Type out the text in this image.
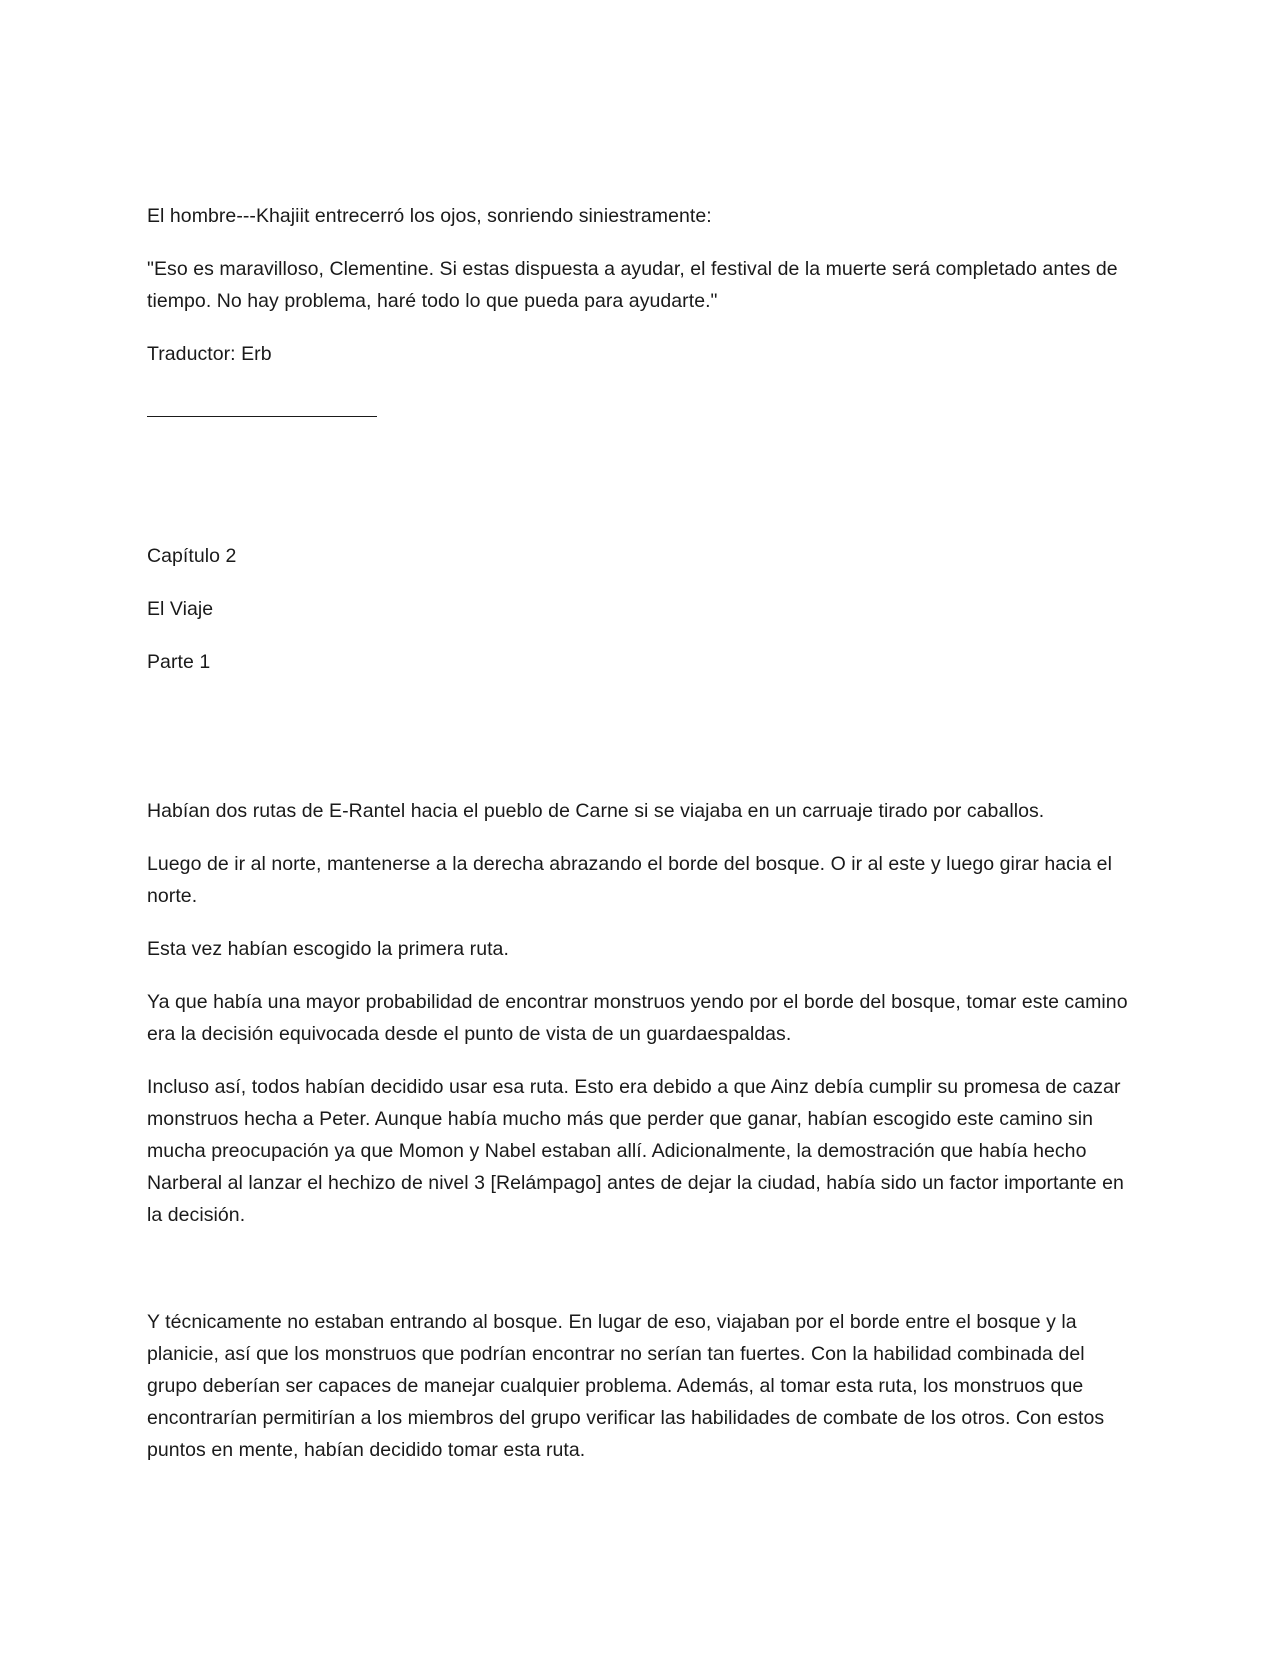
El hombre---Khajiit entrecerró los ojos, sonriendo siniestramente:

"Eso es maravilloso, Clementine. Si estas dispuesta a ayudar, el festival de la muerte será completado antes de tiempo. No hay problema, haré todo lo que pueda para ayudarte."

Traductor: Erb

Capítulo 2

El Viaje

Parte 1

Habían dos rutas de E-Rantel hacia el pueblo de Carne si se viajaba en un carruaje tirado por caballos.

Luego de ir al norte, mantenerse a la derecha abrazando el borde del bosque. O ir al este y luego girar hacia el norte.

Esta vez habían escogido la primera ruta.

Ya que había una mayor probabilidad de encontrar monstruos yendo por el borde del bosque, tomar este camino era la decisión equivocada desde el punto de vista de un guardaespaldas.

Incluso así, todos habían decidido usar esa ruta. Esto era debido a que Ainz debía cumplir su promesa de cazar monstruos hecha a Peter. Aunque había mucho más que perder que ganar, habían escogido este camino sin mucha preocupación ya que Momon y Nabel estaban allí. Adicionalmente, la demostración que había hecho Narberal al lanzar el hechizo de nivel 3 [Relámpago] antes de dejar la ciudad, había sido un factor importante en la decisión.

Y técnicamente no estaban entrando al bosque. En lugar de eso, viajaban por el borde entre el bosque y la planicie, así que los monstruos que podrían encontrar no serían tan fuertes. Con la habilidad combinada del grupo deberían ser capaces de manejar cualquier problema. Además, al tomar esta ruta, los monstruos que encontrarían permitirían a los miembros del grupo verificar las habilidades de combate de los otros. Con estos puntos en mente, habían decidido tomar esta ruta.
